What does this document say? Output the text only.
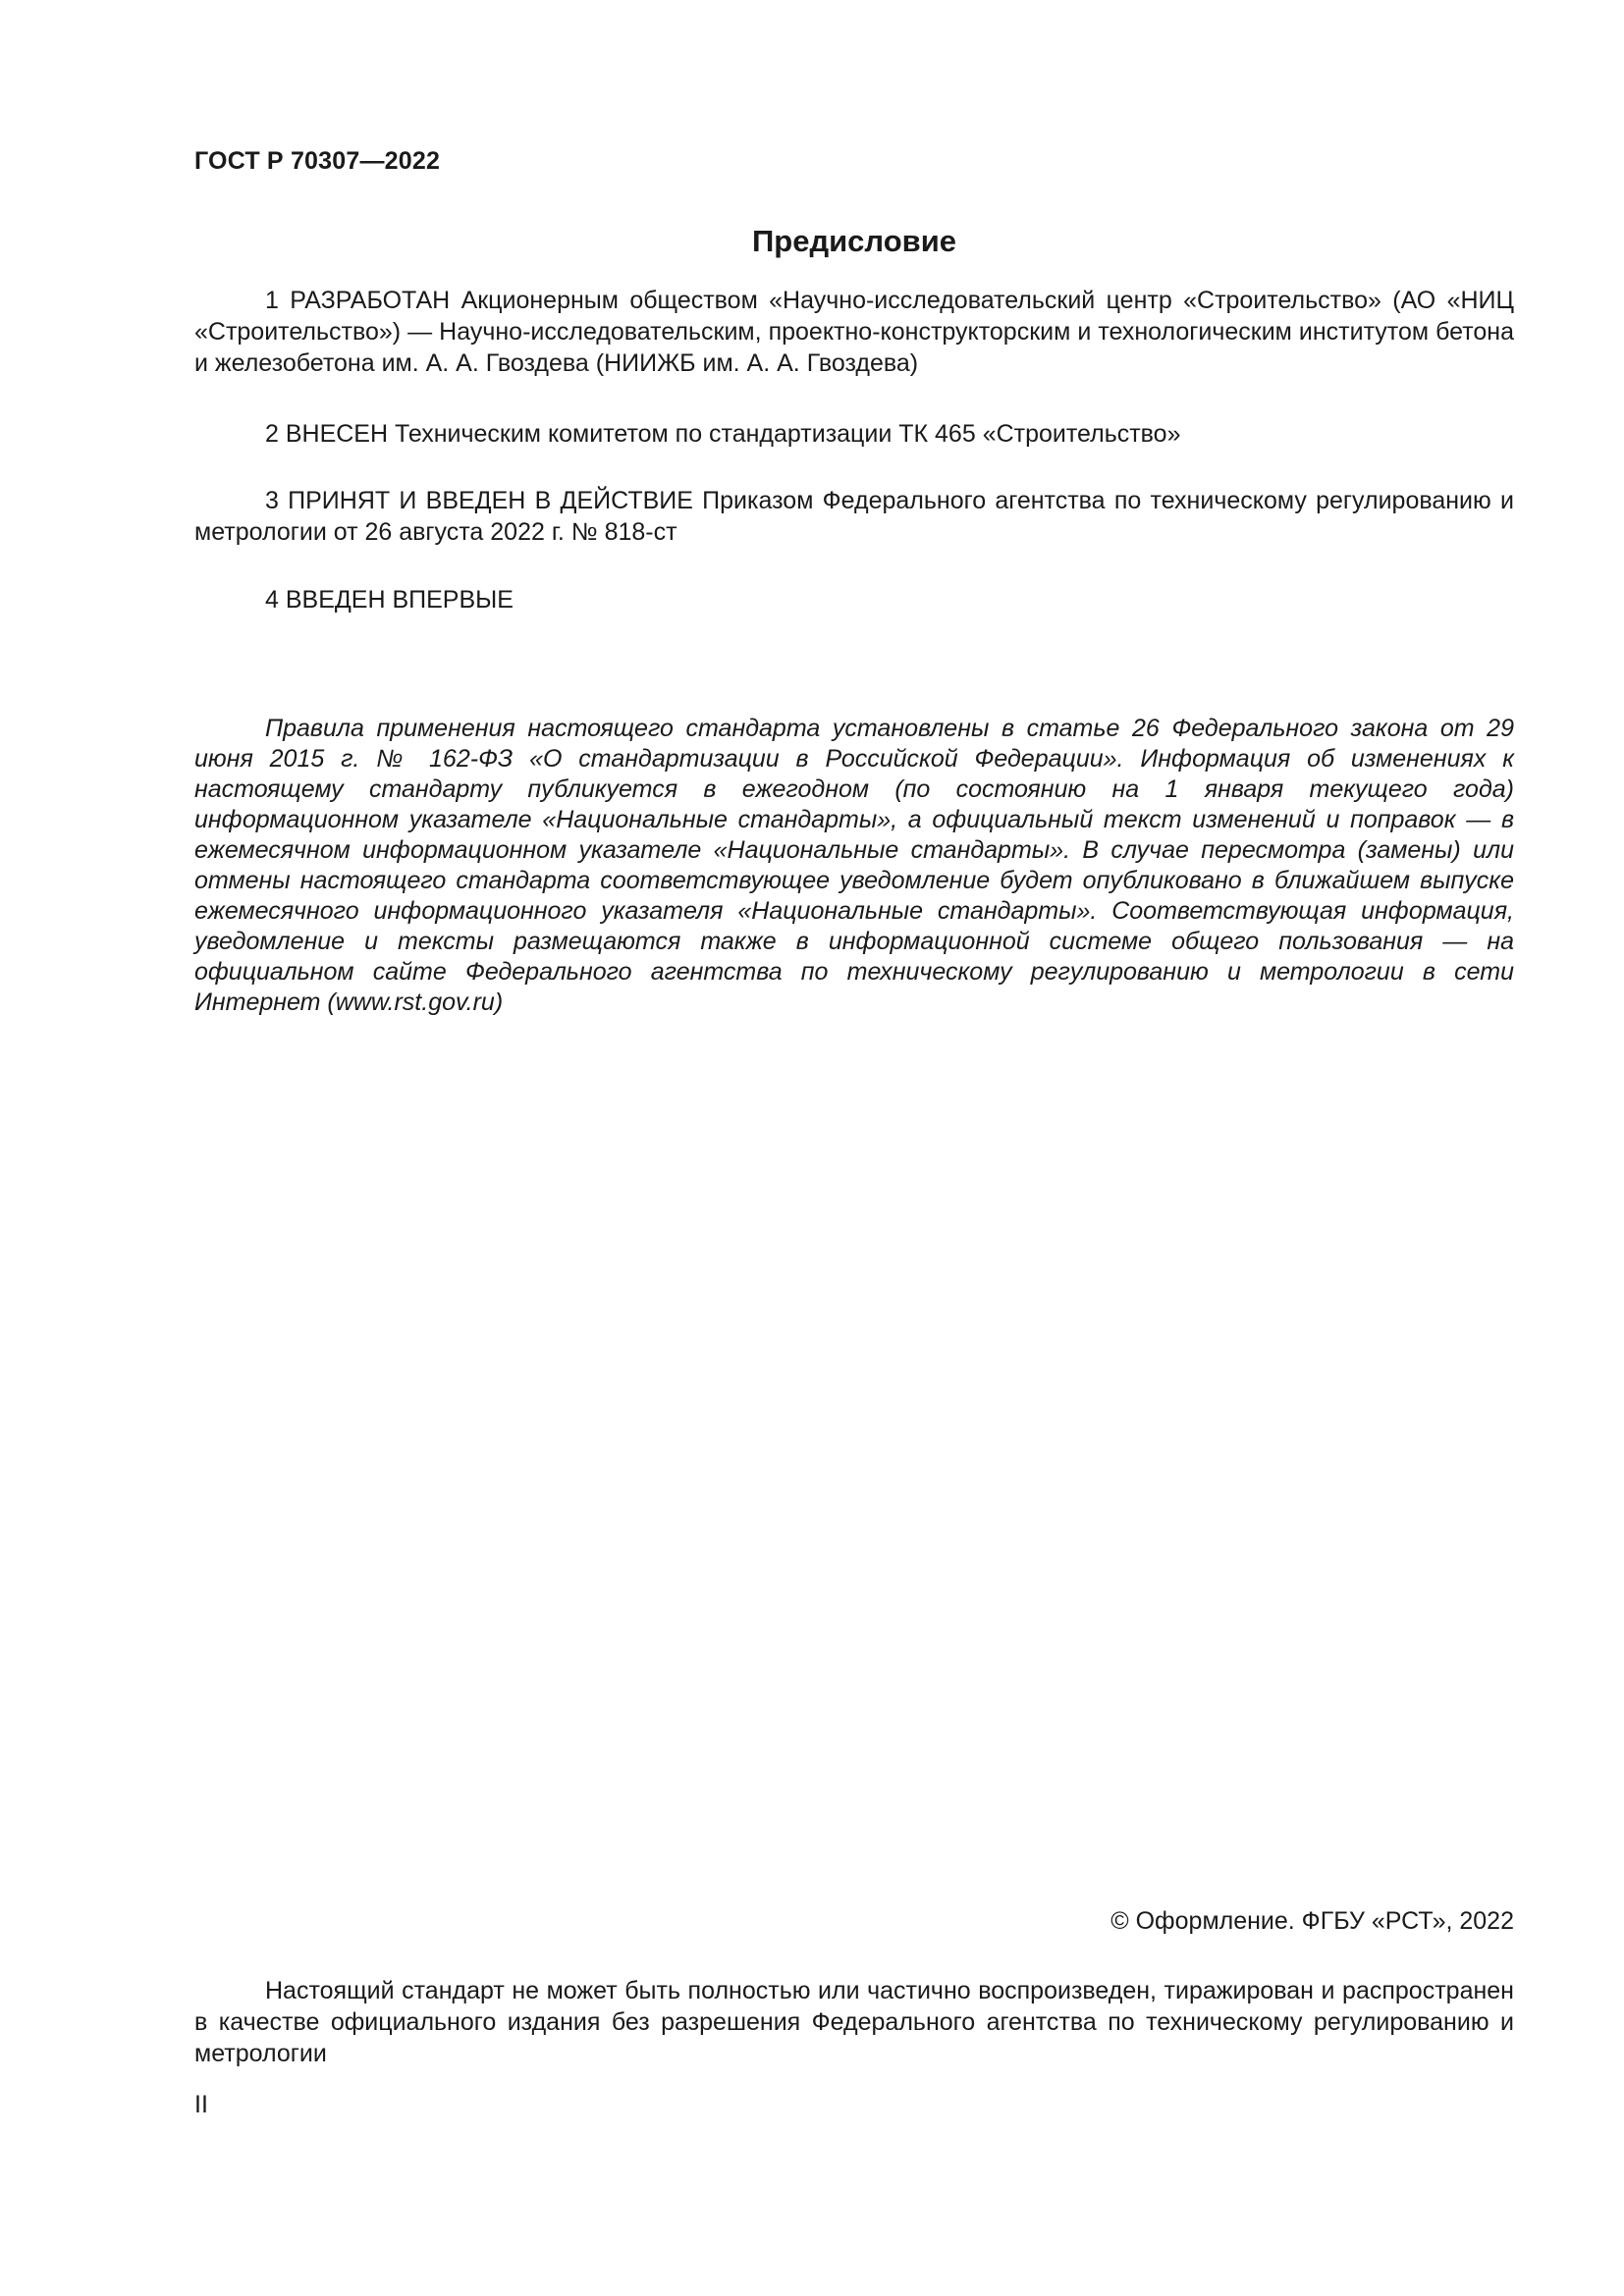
ГОСТ Р 70307—2022
Предисловие

1 РАЗРАБОТАН Акционерным обществом «Научно-исследовательский центр «Строительство» (АО «НИЦ «Строительство») — Научно-исследовательским, проектно-конструкторским и технологическим институтом бетона и железобетона им. А. А. Гвоздева (НИИЖБ им. А. А. Гвоздева)

2 ВНЕСЕН Техническим комитетом по стандартизации ТК 465 «Строительство»

3 ПРИНЯТ И ВВЕДЕН В ДЕЙСТВИЕ Приказом Федерального агентства по техническому регулированию и метрологии от 26 августа 2022 г. № 818-ст

4 ВВЕДЕН ВПЕРВЫЕ

Правила применения настоящего стандарта установлены в статье 26 Федерального закона от 29 июня 2015 г. № 162-ФЗ «О стандартизации в Российской Федерации». Информация об изменениях к настоящему стандарту публикуется в ежегодном (по состоянию на 1 января текущего года) информационном указателе «Национальные стандарты», а официальный текст изменений и поправок — в ежемесячном информационном указателе «Национальные стандарты». В случае пересмотра (замены) или отмены настоящего стандарта соответствующее уведомление будет опубликовано в ближайшем выпуске ежемесячного информационного указателя «Национальные стандарты». Соответствующая информация, уведомление и тексты размещаются также в информационной системе общего пользования — на официальном сайте Федерального агентства по техническому регулированию и метрологии в сети Интернет (www.rst.gov.ru)

© Оформление. ФГБУ «РСТ», 2022

Настоящий стандарт не может быть полностью или частично воспроизведен, тиражирован и распространен в качестве официального издания без разрешения Федерального агентства по техническому регулированию и метрологии

II
